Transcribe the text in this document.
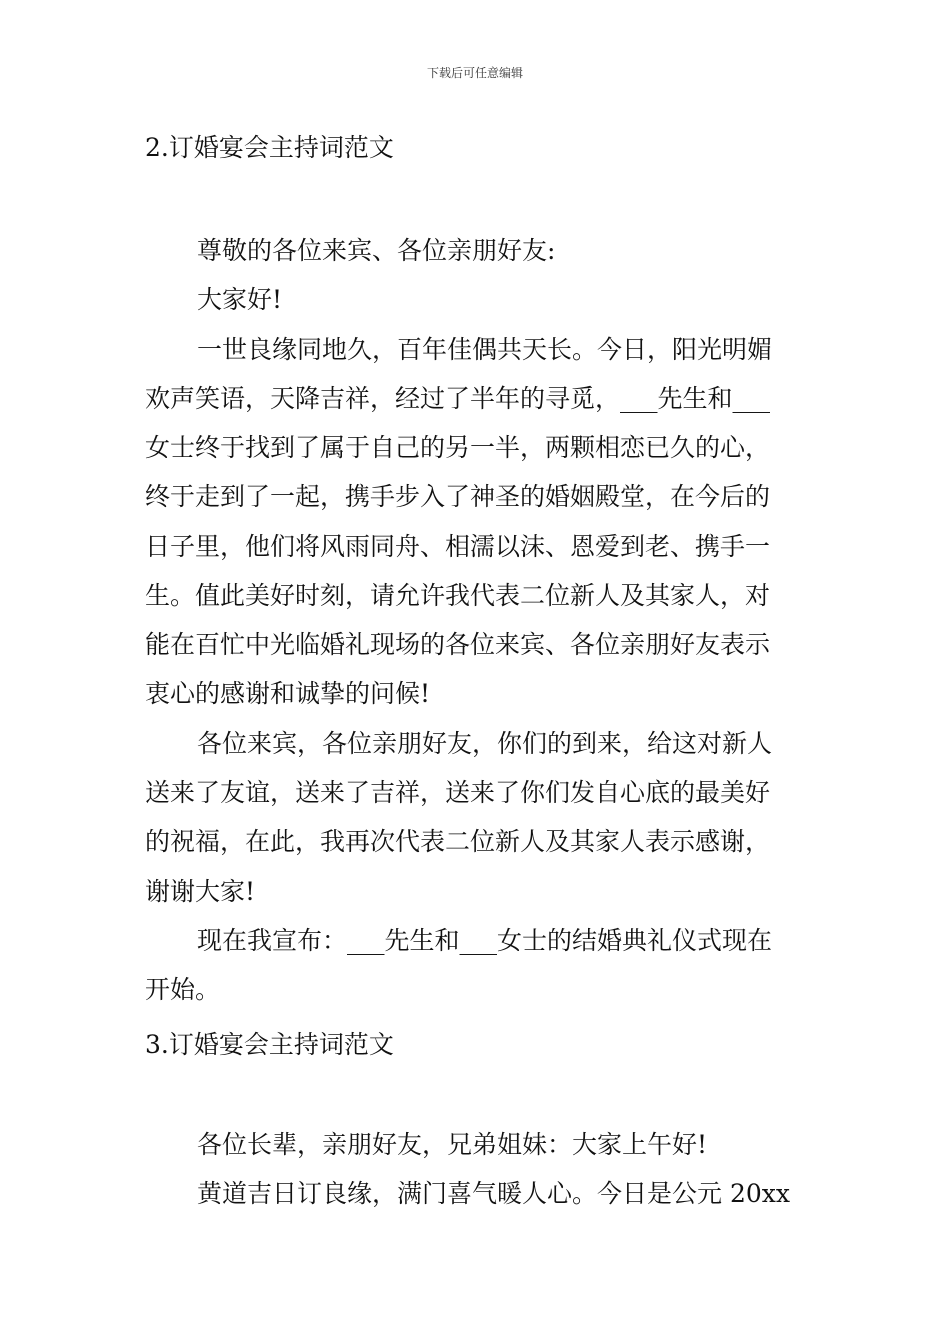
下载后可任意编辑
2.订婚宴会主持词范文
尊敬的各位来宾、各位亲朋好友:
大家好!
一世良缘同地久，百年佳偶共天长。今日，阳光明媚
欢声笑语，天降吉祥，经过了半年的寻觅，___先生和___
女士终于找到了属于自己的另一半，两颗相恋已久的心，
终于走到了一起，携手步入了神圣的婚姻殿堂，在今后的
日子里，他们将风雨同舟、相濡以沫、恩爱到老、携手一
生。值此美好时刻，请允许我代表二位新人及其家人，对
能在百忙中光临婚礼现场的各位来宾、各位亲朋好友表示
衷心的感谢和诚挚的问候!
各位来宾，各位亲朋好友，你们的到来，给这对新人
送来了友谊，送来了吉祥，送来了你们发自心底的最美好
的祝福，在此，我再次代表二位新人及其家人表示感谢，
谢谢大家!
现在我宣布：___先生和___女士的结婚典礼仪式现在
开始。
3.订婚宴会主持词范文
各位长辈，亲朋好友，兄弟姐妹：大家上午好!
黄道吉日订良缘，满门喜气暖人心。今日是公元 20xx
